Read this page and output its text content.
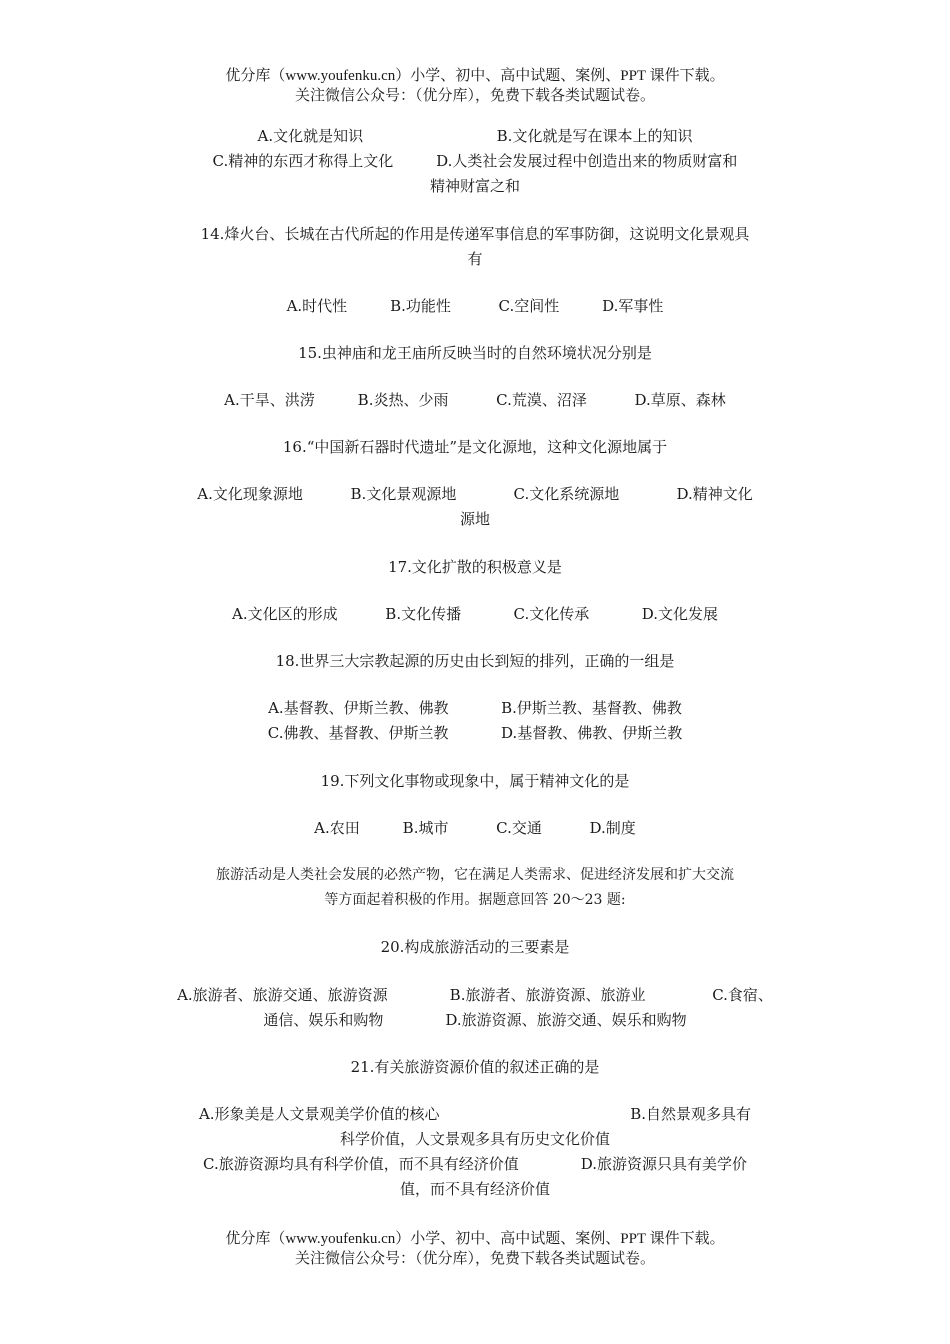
优分库（www.youfenku.cn）小学、初中、高中试题、案例、PPT 课件下载。
关注微信公众号：（优分库），免费下载各类试题试卷。
A.文化就是知识                            B.文化就是写在课本上的知识
C.精神的东西才称得上文化         D.人类社会发展过程中创造出来的物质财富和
精神财富之和
14.烽火台、长城在古代所起的作用是传递军事信息的军事防御，这说明文化景观具
有
A.时代性         B.功能性          C.空间性         D.军事性
15.虫神庙和龙王庙所反映当时的自然环境状况分别是
A.干旱、洪涝         B.炎热、少雨          C.荒漠、沼泽          D.草原、森林
16.“中国新石器时代遗址”是文化源地，这种文化源地属于
A.文化现象源地          B.文化景观源地            C.文化系统源地            D.精神文化
源地
17.文化扩散的积极意义是
A.文化区的形成          B.文化传播           C.文化传承           D.文化发展
18.世界三大宗教起源的历史由长到短的排列，正确的一组是
A.基督教、伊斯兰教、佛教           B.伊斯兰教、基督教、佛教
C.佛教、基督教、伊斯兰教           D.基督教、佛教、伊斯兰教
19.下列文化事物或现象中，属于精神文化的是
A.农田         B.城市          C.交通          D.制度
旅游活动是人类社会发展的必然产物，它在满足人类需求、促进经济发展和扩大交流
等方面起着积极的作用。据题意回答 20～23 题:
20.构成旅游活动的三要素是
A.旅游者、旅游交通、旅游资源             B.旅游者、旅游资源、旅游业              C.食宿、
通信、娱乐和购物             D.旅游资源、旅游交通、娱乐和购物
21.有关旅游资源价值的叙述正确的是
A.形象美是人文景观美学价值的核心                                        B.自然景观多具有
科学价值，人文景观多具有历史文化价值
C.旅游资源均具有科学价值，而不具有经济价值             D.旅游资源只具有美学价
值，而不具有经济价值
优分库（www.youfenku.cn）小学、初中、高中试题、案例、PPT 课件下载。
关注微信公众号：（优分库），免费下载各类试题试卷。
